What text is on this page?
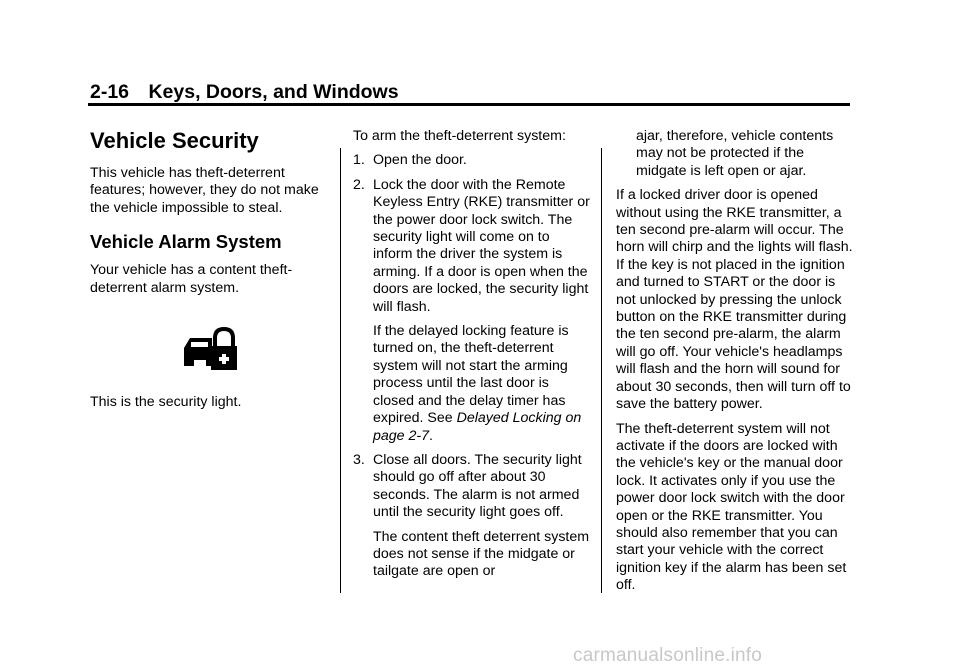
2-16 Keys, Doors, and Windows
Vehicle Security

This vehicle has theft-deterrent features; however, they do not make the vehicle impossible to steal.

Vehicle Alarm System

Your vehicle has a content theft-deterrent alarm system.

This is the security light.

To arm the theft-deterrent system:

1. Open the door.
2. Lock the door with the Remote Keyless Entry (RKE) transmitter or the power door lock switch. The security light will come on to inform the driver the system is arming. If a door is open when the doors are locked, the security light will flash.

If the delayed locking feature is turned on, the theft-deterrent system will not start the arming process until the last door is closed and the delay timer has expired. See Delayed Locking on page 2-7.

3. Close all doors. The security light should go off after about 30 seconds. The alarm is not armed until the security light goes off.

The content theft deterrent system does not sense if the midgate or tailgate are open or

ajar, therefore, vehicle contents may not be protected if the midgate is left open or ajar.

If a locked driver door is opened without using the RKE transmitter, a ten second pre-alarm will occur. The horn will chirp and the lights will flash. If the key is not placed in the ignition and turned to START or the door is not unlocked by pressing the unlock button on the RKE transmitter during the ten second pre-alarm, the alarm will go off. Your vehicle's headlamps will flash and the horn will sound for about 30 seconds, then will turn off to save the battery power.

The theft-deterrent system will not activate if the doors are locked with the vehicle's key or the manual door lock. It activates only if you use the power door lock switch with the door open or the RKE transmitter. You should also remember that you can start your vehicle with the correct ignition key if the alarm has been set off.

carmanualsonline.info
